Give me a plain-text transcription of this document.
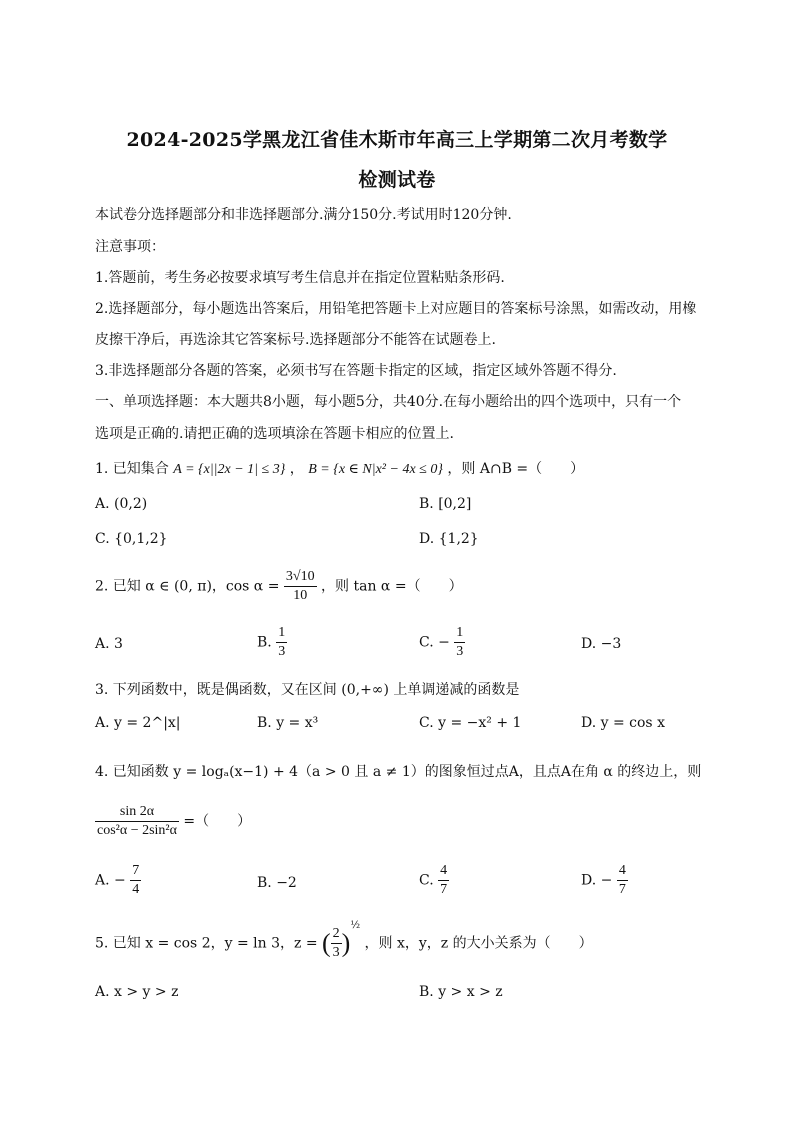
2024-2025学黑龙江省佳木斯市年高三上学期第二次月考数学
检测试卷
本试卷分选择题部分和非选择题部分.满分150分.考试用时120分钟.
注意事项：
1.答题前，考生务必按要求填写考生信息并在指定位置粘贴条形码.
2.选择题部分，每小题选出答案后，用铅笔把答题卡上对应题目的答案标号涂黑，如需改动，用橡
皮擦干净后，再选涂其它答案标号.选择题部分不能答在试题卷上.
3.非选择题部分各题的答案，必须书写在答题卡指定的区域，指定区域外答题不得分.
一、单项选择题：本大题共8小题，每小题5分，共40分.在每小题给出的四个选项中，只有一个
选项是正确的.请把正确的选项填涂在答题卡相应的位置上.
1. 已知集合 A = {x||2x − 1| ≤ 3} ， B = {x ∈ N|x² − 4x ≤ 0} ，则 A∩B =（　　）
A. (0,2)	B. [0,2]
C. {0,1,2}	D. {1,2}
2. 已知 α ∈ (0, π)，$\cos \alpha = \frac{3√10}{10}$ ，则 tan α =（　　）
A. 3	B. $\frac{1}{3}$	C. − $\frac{1}{3}$	D. −3
3. 下列函数中，既是偶函数，又在区间 (0,+∞) 上单调递减的函数是
A. y = 2^|x|	B. y = x³	C. y = −x² + 1	D. y = cos x
4. 已知函数 y = logₐ(x−1) + 4（a > 0 且 a ≠ 1）的图象恒过点A，且点A在角 α 的终边上，则
$\frac{\sin 2\alpha}{\text{cos²α − 2sin²α}}$ =（　　）
A. − $\frac{7}{4}$	B. −2	C. $\frac{4}{7}$	D. − $\frac{4}{7}$
5. 已知 x = cos 2，y = ln 3，z = ( $\frac{2}{3} )^{\frac{1}{2}}$ ，则 x，y，z 的大小关系为（　　）
A. x > y > z	B. y > x > z
